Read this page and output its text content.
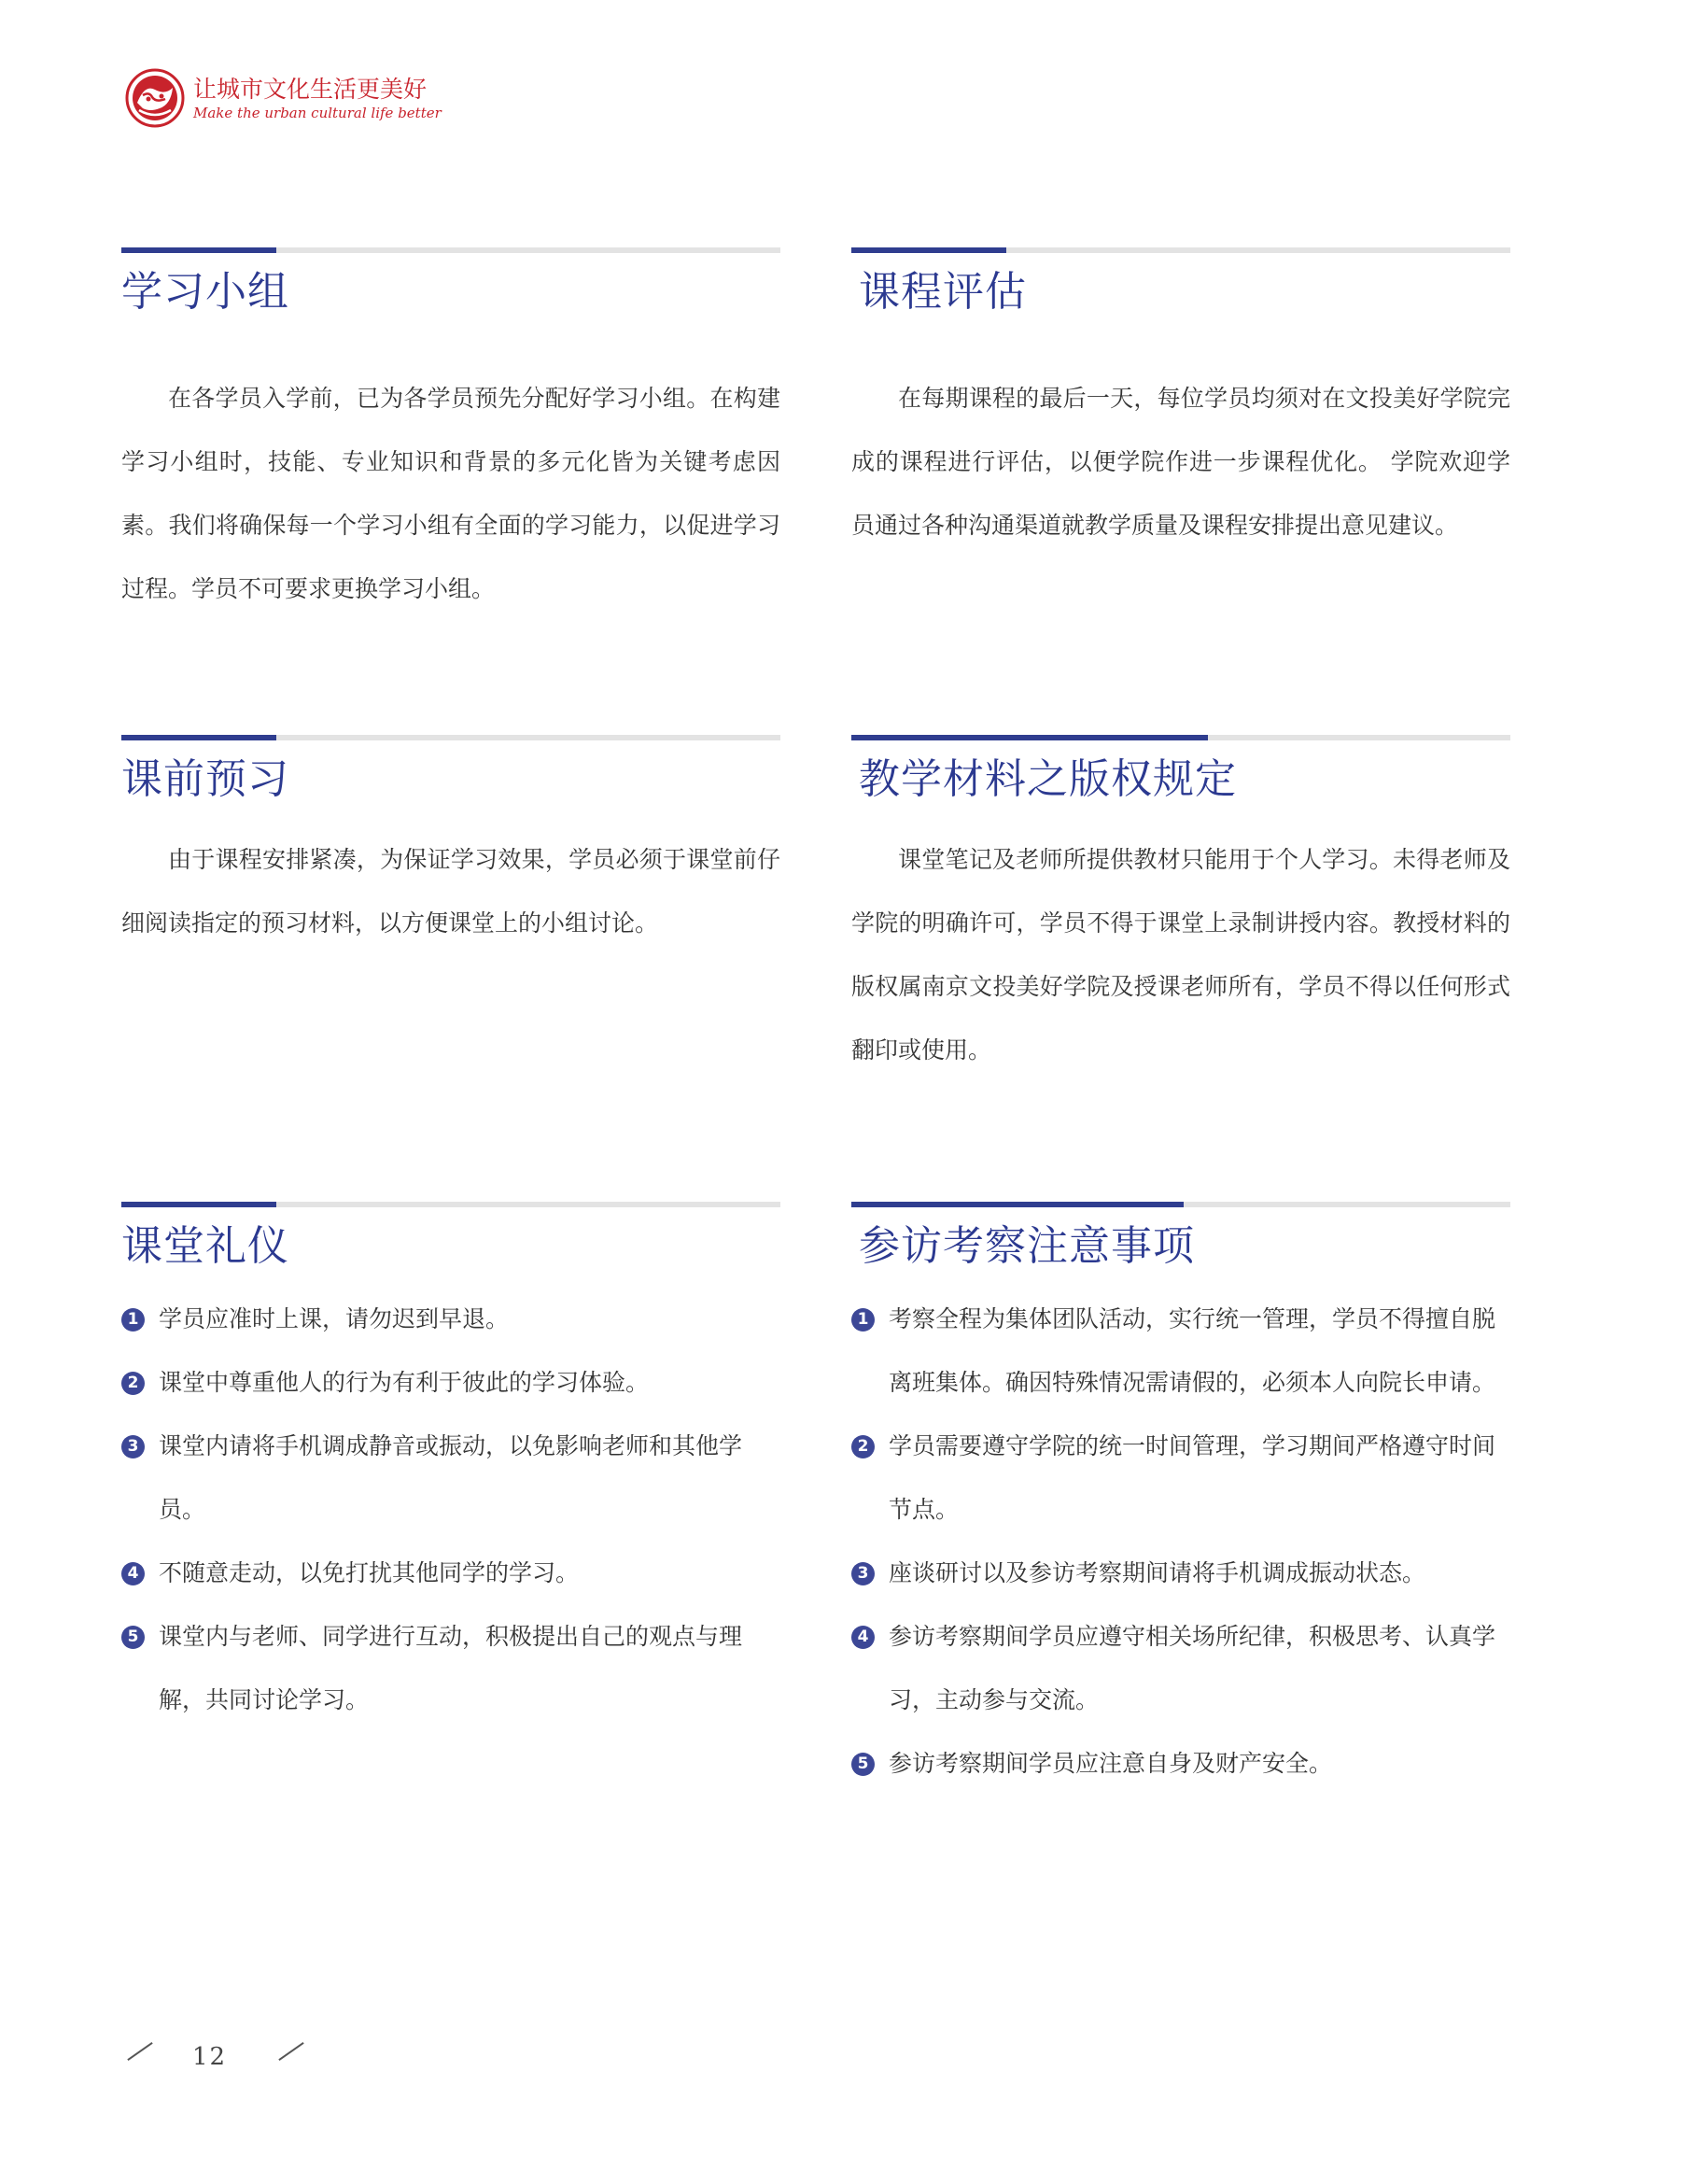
让城市文化生活更美好
Make the urban cultural life better
学习小组

在各学员入学前，已为各学员预先分配好学习小组。在构建学习小组时，技能、专业知识和背景的多元化皆为关键考虑因素。我们将确保每一个学习小组有全面的学习能力，以促进学习过程。学员不可要求更换学习小组。

课程评估

在每期课程的最后一天，每位学员均须对在文投美好学院完成的课程进行评估，以便学院作进一步课程优化。 学院欢迎学员通过各种沟通渠道就教学质量及课程安排提出意见建议。

课前预习

由于课程安排紧凑，为保证学习效果，学员必须于课堂前仔细阅读指定的预习材料，以方便课堂上的小组讨论。

教学材料之版权规定

课堂笔记及老师所提供教材只能用于个人学习。未得老师及学院的明确许可，学员不得于课堂上录制讲授内容。教授材料的版权属南京文投美好学院及授课老师所有，学员不得以任何形式翻印或使用。

课堂礼仪
1 学员应准时上课，请勿迟到早退。
2 课堂中尊重他人的行为有利于彼此的学习体验。
3 课堂内请将手机调成静音或振动，以免影响老师和其他学员。
4 不随意走动，以免打扰其他同学的学习。
5 课堂内与老师、同学进行互动，积极提出自己的观点与理解，共同讨论学习。
参访考察注意事项
1 考察全程为集体团队活动，实行统一管理，学员不得擅自脱离班集体。确因特殊情况需请假的，必须本人向院长申请。
2 学员需要遵守学院的统一时间管理，学习期间严格遵守时间节点。
3 座谈研讨以及参访考察期间请将手机调成振动状态。
4 参访考察期间学员应遵守相关场所纪律，积极思考、认真学习，主动参与交流。
5 参访考察期间学员应注意自身及财产安全。
12
